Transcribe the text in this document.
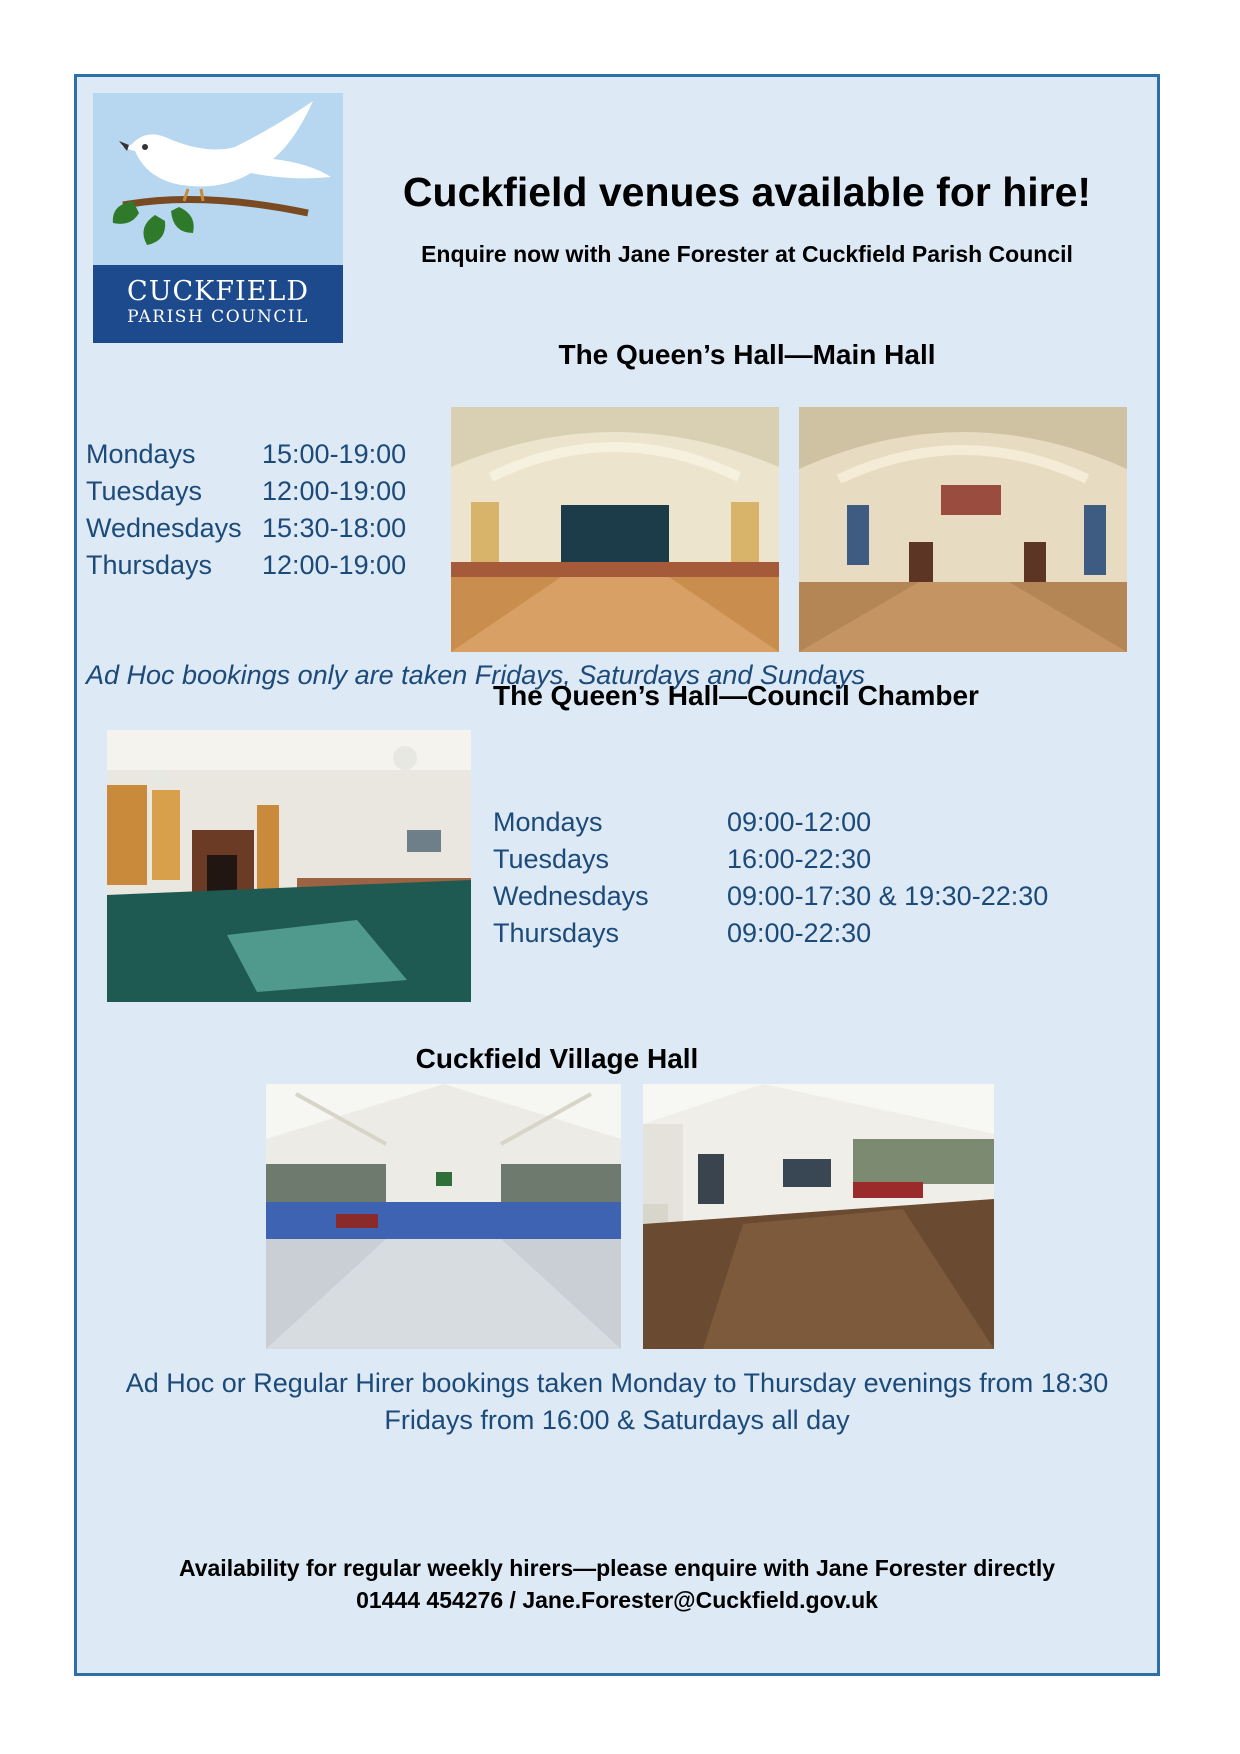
CUCKFIELD
PARISH COUNCIL
Cuckfield venues available for hire!
Enquire now with Jane Forester at Cuckfield Parish Council
The Queen’s Hall—Main Hall
Mondays 15:00-19:00
Tuesdays 12:00-19:00
Wednesdays 15:30-18:00
Thursdays 12:00-19:00
Ad Hoc bookings only are taken Fridays, Saturdays and Sundays
The Queen’s Hall—Council Chamber
Mondays	09:00-12:00
Tuesdays	16:00-22:30
Wednesdays	09:00-17:30 & 19:30-22:30
Thursdays	09:00-22:30
Cuckfield Village Hall
Ad Hoc or Regular Hirer bookings taken Monday to Thursday evenings from 18:30
Fridays from 16:00 & Saturdays all day
Availability for regular weekly hirers—please enquire with Jane Forester directly
01444 454276 / Jane.Forester@Cuckfield.gov.uk
